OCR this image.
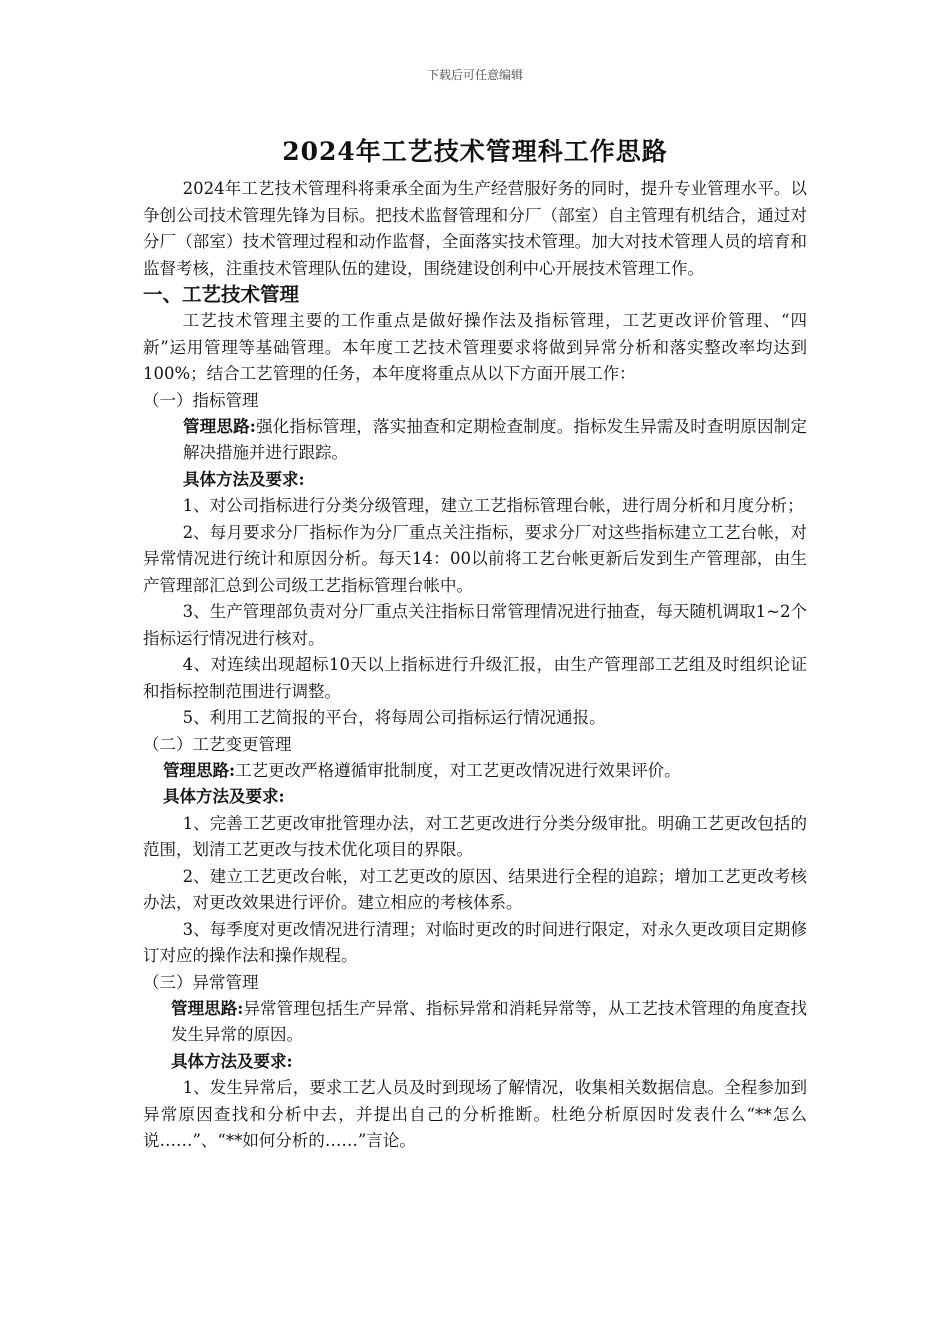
下载后可任意编辑
2024年工艺技术管理科工作思路

2024年工艺技术管理科将秉承全面为生产经营服好务的同时，提升专业管理水平。以争创公司技术管理先锋为目标。把技术监督管理和分厂（部室）自主管理有机结合，通过对分厂（部室）技术管理过程和动作监督，全面落实技术管理。加大对技术管理人员的培育和监督考核，注重技术管理队伍的建设，围绕建设创利中心开展技术管理工作。

一、工艺技术管理

工艺技术管理主要的工作重点是做好操作法及指标管理，工艺更改评价管理、“四新”运用管理等基础管理。本年度工艺技术管理要求将做到异常分析和落实整改率均达到100%；结合工艺管理的任务，本年度将重点从以下方面开展工作：

（一）指标管理

管理思路:强化指标管理，落实抽查和定期检查制度。指标发生异需及时查明原因制定解决措施并进行跟踪。

具体方法及要求:

1、对公司指标进行分类分级管理，建立工艺指标管理台帐，进行周分析和月度分析；

2、每月要求分厂指标作为分厂重点关注指标，要求分厂对这些指标建立工艺台帐，对异常情况进行统计和原因分析。每天14：00以前将工艺台帐更新后发到生产管理部，由生产管理部汇总到公司级工艺指标管理台帐中。

3、生产管理部负责对分厂重点关注指标日常管理情况进行抽查，每天随机调取1~2个指标运行情况进行核对。

4、对连续出现超标10天以上指标进行升级汇报，由生产管理部工艺组及时组织论证和指标控制范围进行调整。

5、利用工艺简报的平台，将每周公司指标运行情况通报。

（二）工艺变更管理

管理思路:工艺更改严格遵循审批制度，对工艺更改情况进行效果评价。

具体方法及要求:

1、完善工艺更改审批管理办法，对工艺更改进行分类分级审批。明确工艺更改包括的范围，划清工艺更改与技术优化项目的界限。

2、建立工艺更改台帐，对工艺更改的原因、结果进行全程的追踪；增加工艺更改考核办法，对更改效果进行评价。建立相应的考核体系。

3、每季度对更改情况进行清理；对临时更改的时间进行限定，对永久更改项目定期修订对应的操作法和操作规程。

（三）异常管理

管理思路:异常管理包括生产异常、指标异常和消耗异常等，从工艺技术管理的角度查找发生异常的原因。

具体方法及要求:

1、发生异常后，要求工艺人员及时到现场了解情况，收集相关数据信息。全程参加到异常原因查找和分析中去，并提出自己的分析推断。杜绝分析原因时发表什么“**怎么说……”、“**如何分析的……”言论。
